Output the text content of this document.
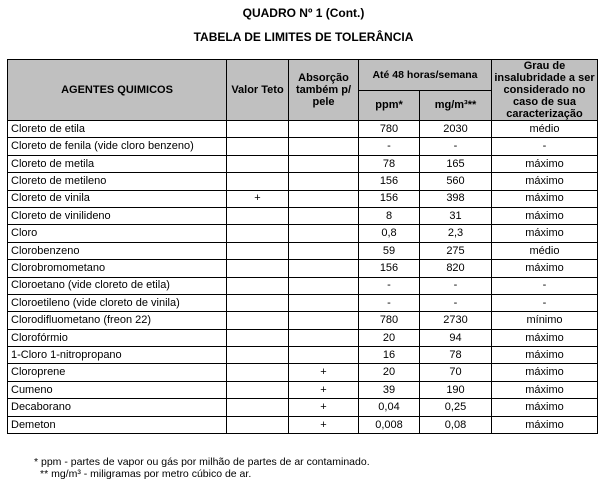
QUADRO Nº 1 (Cont.)
TABELA DE LIMITES DE TOLERÂNCIA
AGENTES QUIMICOS	Valor Teto	Absorção também p/ pele	Até 48 horas/semana		Grau de insalubridade a ser considerado no caso de sua caracterização
			ppm*	mg/m³**	
Cloreto de etila			780	2030	médio
Cloreto de fenila (vide cloro benzeno)			-	-	-
Cloreto de metila			78	165	máximo
Cloreto de metileno			156	560	máximo
Cloreto de vinila	+		156	398	máximo
Cloreto de vinilideno			8	31	máximo
Cloro			0,8	2,3	máximo
Clorobenzeno			59	275	médio
Clorobromometano			156	820	máximo
Cloroetano (vide cloreto de etila)			-	-	-
Cloroetileno (vide cloreto de vinila)			-	-	-
Clorodifluometano (freon 22)			780	2730	mínimo
Clorofórmio			20	94	máximo
1-Cloro 1-nitropropano			16	78	máximo
Cloroprene		+	20	70	máximo
Cumeno		+	39	190	máximo
Decaborano		+	0,04	0,25	máximo
Demeton		+	0,008	0,08	máximo
* ppm - partes de vapor ou gás por milhão de partes de ar contaminado.
** mg/m³ - miligramas por metro cúbico de ar.
